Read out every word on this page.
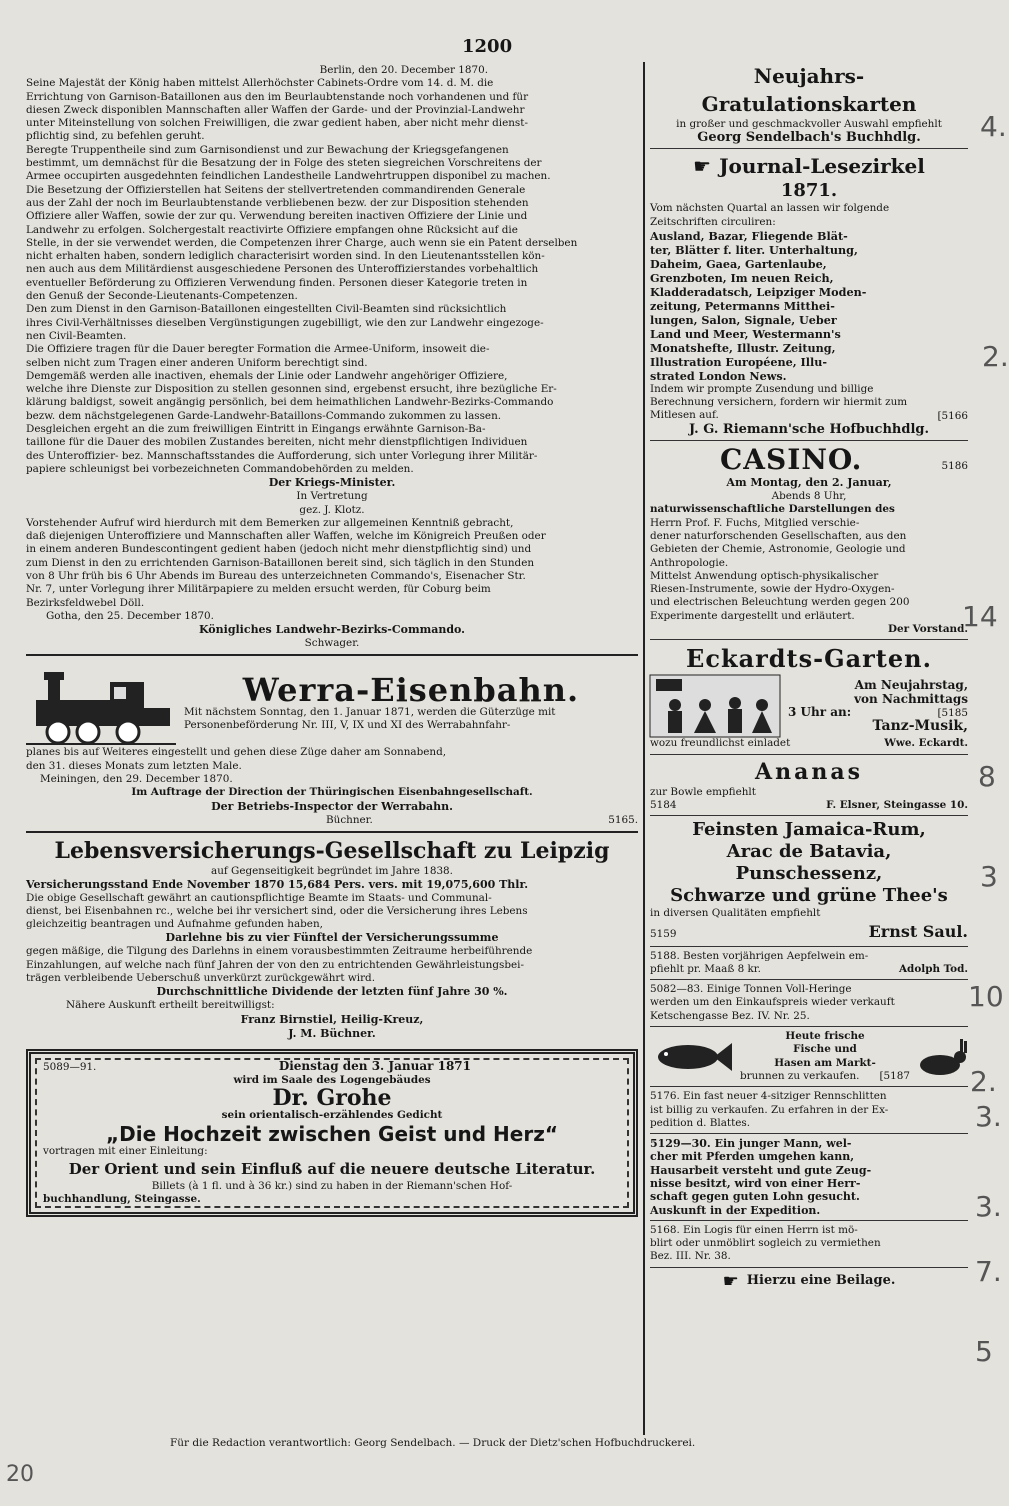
1200
Berlin, den 20. December 1870.
Seine Majestät der König haben mittelst Allerhöchster Cabinets-Ordre vom 14. d. M. die
Errichtung von Garnison-Bataillonen aus den im Beurlaubtenstande noch vorhandenen und für
diesen Zweck disponiblen Mannschaften aller Waffen der Garde- und der Provinzial-Landwehr
unter Miteinstellung von solchen Freiwilligen, die zwar gedient haben, aber nicht mehr dienst-
pflichtig sind, zu befehlen geruht.
Beregte Truppentheile sind zum Garnisondienst und zur Bewachung der Kriegsgefangenen
bestimmt, um demnächst für die Besatzung der in Folge des steten siegreichen Vorschreitens der
Armee occupirten ausgedehnten feindlichen Landestheile Landwehrtruppen disponibel zu machen.
Die Besetzung der Offizierstellen hat Seitens der stellvertretenden commandirenden Generale
aus der Zahl der noch im Beurlaubtenstande verbliebenen bezw. der zur Disposition stehenden
Offiziere aller Waffen, sowie der zur qu. Verwendung bereiten inactiven Offiziere der Linie und
Landwehr zu erfolgen. Solchergestalt reactivirte Offiziere empfangen ohne Rücksicht auf die
Stelle, in der sie verwendet werden, die Competenzen ihrer Charge, auch wenn sie ein Patent derselben
nicht erhalten haben, sondern lediglich characterisirt worden sind. In den Lieutenantsstellen kön-
nen auch aus dem Militärdienst ausgeschiedene Personen des Unteroffizierstandes vorbehaltlich
eventueller Beförderung zu Offizieren Verwendung finden. Personen dieser Kategorie treten in
den Genuß der Seconde-Lieutenants-Competenzen.
Den zum Dienst in den Garnison-Bataillonen eingestellten Civil-Beamten sind rücksichtlich
ihres Civil-Verhältnisses dieselben Vergünstigungen zugebilligt, wie den zur Landwehr eingezoge-
nen Civil-Beamten.
Die Offiziere tragen für die Dauer beregter Formation die Armee-Uniform, insoweit die-
selben nicht zum Tragen einer anderen Uniform berechtigt sind.
Demgemäß werden alle inactiven, ehemals der Linie oder Landwehr angehöriger Offiziere,
welche ihre Dienste zur Disposition zu stellen gesonnen sind, ergebenst ersucht, ihre bezügliche Er-
klärung baldigst, soweit angängig persönlich, bei dem heimathlichen Landwehr-Bezirks-Commando
bezw. dem nächstgelegenen Garde-Landwehr-Bataillons-Commando zukommen zu lassen.
Desgleichen ergeht an die zum freiwilligen Eintritt in Eingangs erwähnte Garnison-Ba-
taillone für die Dauer des mobilen Zustandes bereiten, nicht mehr dienstpflichtigen Individuen
des Unteroffizier- bez. Mannschaftsstandes die Aufforderung, sich unter Vorlegung ihrer Militär-
papiere schleunigst bei vorbezeichneten Commandobehörden zu melden.
Der Kriegs-Minister.
In Vertretung
gez. J. Klotz.
Vorstehender Aufruf wird hierdurch mit dem Bemerken zur allgemeinen Kenntniß gebracht,
daß diejenigen Unteroffiziere und Mannschaften aller Waffen, welche im Königreich Preußen oder
in einem anderen Bundescontingent gedient haben (jedoch nicht mehr dienstpflichtig sind) und
zum Dienst in den zu errichtenden Garnison-Bataillonen bereit sind, sich täglich in den Stunden
von 8 Uhr früh bis 6 Uhr Abends im Bureau des unterzeichneten Commando's, Eisenacher Str.
Nr. 7, unter Vorlegung ihrer Militärpapiere zu melden ersucht werden, für Coburg beim
Bezirksfeldwebel Döll.
Gotha, den 25. December 1870.
Königliches Landwehr-Bezirks-Commando.
Schwager.
Werra-Eisenbahn.
Mit nächstem Sonntag, den 1. Januar 1871, werden die Güterzüge mit
Personenbeförderung Nr. III, V, IX und XI des Werrabahnfahr-
planes bis auf Weiteres eingestellt und gehen diese Züge daher am Sonnabend,
den 31. dieses Monats zum letzten Male.
Meiningen, den 29. December 1870.
Im Auftrage der Direction der Thüringischen Eisenbahngesellschaft.
Der Betriebs-Inspector der Werrabahn.
Büchner.	5165.
Lebensversicherungs-Gesellschaft zu Leipzig
auf Gegenseitigkeit begründet im Jahre 1838.
Versicherungsstand Ende November 1870 15,684 Pers. vers. mit 19,075,600 Thlr.
Die obige Gesellschaft gewährt an cautionspflichtige Beamte im Staats- und Communal-
dienst, bei Eisenbahnen rc., welche bei ihr versichert sind, oder die Versicherung ihres Lebens
gleichzeitig beantragen und Aufnahme gefunden haben,
Darlehne bis zu vier Fünftel der Versicherungssumme
gegen mäßige, die Tilgung des Darlehns in einem vorausbestimmten Zeitraume herbeiführende
Einzahlungen, auf welche nach fünf Jahren der von den zu entrichtenden Gewährleistungsbei-
trägen verbleibende Ueberschuß unverkürzt zurückgewährt wird.
Durchschnittliche Dividende der letzten fünf Jahre 30 %.
Nähere Auskunft ertheilt bereitwilligst:
Franz Birnstiel, Heilig-Kreuz,
J. M. Büchner.
5089—91.	Dienstag den 3. Januar 1871
wird im Saale des Logengebäudes
Dr. Grohe
sein orientalisch-erzählendes Gedicht
„Die Hochzeit zwischen Geist und Herz“
vortragen mit einer Einleitung:
Der Orient und sein Einfluß auf die neuere deutsche Literatur.
Billets (à 1 fl. und à 36 kr.) sind zu haben in der Riemann'schen Hof-
buchhandlung, Steingasse.
Neujahrs-Gratulationskarten
in großer und geschmackvoller Auswahl empfiehlt
Georg Sendelbach's Buchhdlg.
☛ Journal-Lesezirkel
1871.
Vom nächsten Quartal an lassen wir folgende
Zeitschriften circuliren:
Ausland, Bazar, Fliegende Blät-
ter, Blätter f. liter. Unterhaltung,
Daheim, Gaea, Gartenlaube,
Grenzboten, Im neuen Reich,
Kladderadatsch, Leipziger Moden-
zeitung, Petermanns Mitthei-
lungen, Salon, Signale, Ueber
Land und Meer, Westermann's
Monatshefte, Illustr. Zeitung,
Illustration Européene, Illu-
strated London News.
Indem wir prompte Zusendung und billige
Berechnung versichern, fordern wir hiermit zum
Mitlesen auf.	[5166
J. G. Riemann'sche Hofbuchhdlg.
CASINO.	5186
Am Montag, den 2. Januar,
Abends 8 Uhr,
naturwissenschaftliche Darstellungen des
Herrn Prof. F. Fuchs, Mitglied verschie-
dener naturforschenden Gesellschaften, aus den
Gebieten der Chemie, Astronomie, Geologie und
Anthropologie.
Mittelst Anwendung optisch-physikalischer
Riesen-Instrumente, sowie der Hydro-Oxygen-
und electrischen Beleuchtung werden gegen 200
Experimente dargestellt und erläutert.
Der Vorstand.
Eckardts-Garten.
Am Neujahrstag,
von Nachmittags
3 Uhr an:	[5185
Tanz-Musik,
wozu freundlichst einladet	Wwe. Eckardt.
Ananas
zur Bowle empfiehlt
5184	F. Elsner, Steingasse 10.
Feinsten Jamaica-Rum,
Arac de Batavia,
Punschessenz,
Schwarze und grüne Thee's
in diversen Qualitäten empfiehlt
5159	Ernst Saul.
5188. Besten vorjährigen Aepfelwein em-
pfiehlt pr. Maaß 8 kr.	Adolph Tod.
5082—83. Einige Tonnen Voll-Heringe
werden um den Einkaufspreis wieder verkauft
Ketschengasse Bez. IV. Nr. 25.
Heute frische
Fische und
Hasen am Markt-
brunnen zu verkaufen. [5187
5176. Ein fast neuer 4-sitziger Rennschlitten
ist billig zu verkaufen. Zu erfahren in der Ex-
pedition d. Blattes.
5129—30. Ein junger Mann, wel-
cher mit Pferden umgehen kann,
Hausarbeit versteht und gute Zeug-
nisse besitzt, wird von einer Herr-
schaft gegen guten Lohn gesucht.
Auskunft in der Expedition.
5168. Ein Logis für einen Herrn ist mö-
blirt oder unmöblirt sogleich zu vermiethen
Bez. III. Nr. 38.
☛ Hierzu eine Beilage.
Für die Redaction verantwortlich: Georg Sendelbach. — Druck der Dietz'schen Hofbuchdruckerei.
4.
2.
14
8
3
10
2.
3.
3.
7.
5
20
